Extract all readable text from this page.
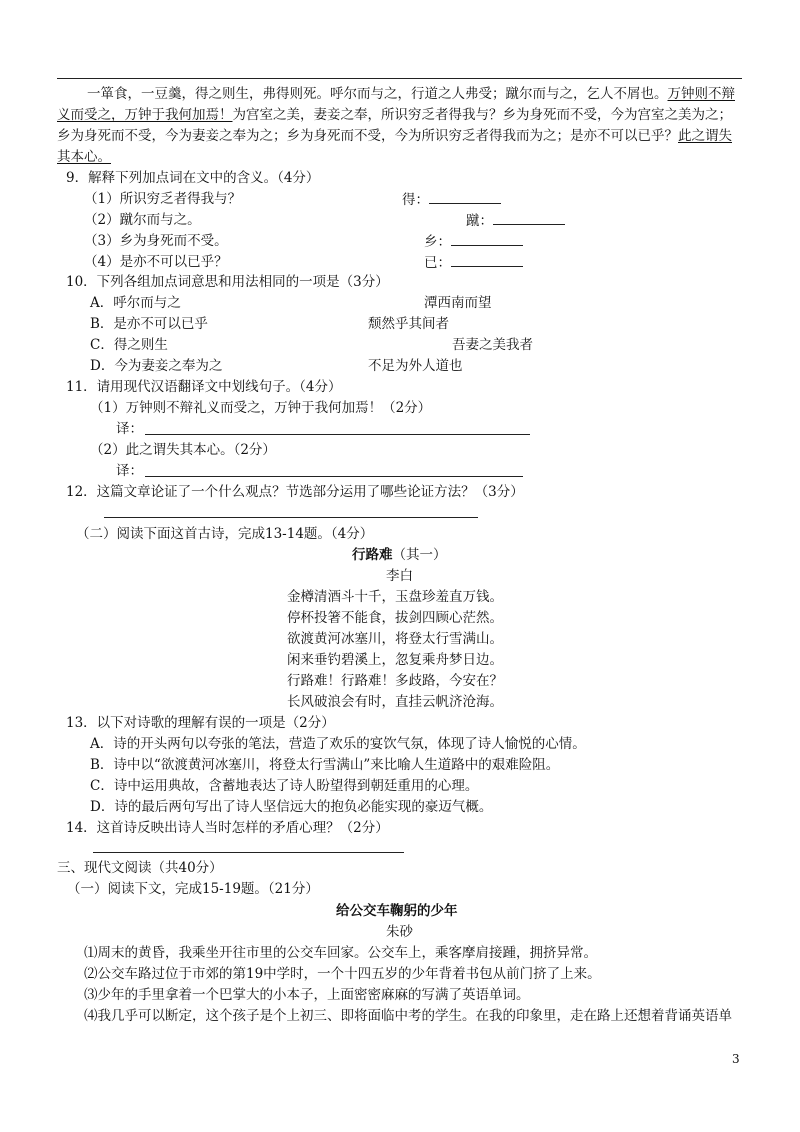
一箪食，一豆羹，得之则生，弗得则死。呼尔而与之，行道之人弗受；蹴尔而与之，乞人不屑也。万钟则不辩
义而受之，万钟于我何加焉！为宫室之美，妻妾之奉，所识穷乏者得我与？乡为身死而不受，今为宫室之美为之；
乡为身死而不受，今为妻妾之奉为之；乡为身死而不受，今为所识穷乏者得我而为之；是亦不可以已乎？此之谓失
其本心。
9．解释下列加点词在文中的含义。（4分）
（1）所识穷乏者得我与？	得：
（2）蹴尔而与之。	蹴：
（3）乡为身死而不受。	乡：
（4）是亦不可以已乎？	已：
10．下列各组加点词意思和用法相同的一项是（3分）
A．呼尔而与之	潭西南而望
B．是亦不可以已乎	颓然乎其间者
C．得之则生	吾妻之美我者
D．今为妻妾之奉为之	不足为外人道也
11．请用现代汉语翻译文中划线句子。（4分）
（1）万钟则不辩礼义而受之，万钟于我何加焉！（2分）
译：
（2）此之谓失其本心。（2分）
译：
12．这篇文章论证了一个什么观点？节选部分运用了哪些论证方法？（3分）
（二）阅读下面这首古诗，完成13-14题。（4分）
行路难（其一）
李白
金樽清酒斗十千，玉盘珍羞直万钱。
停杯投箸不能食，拔剑四顾心茫然。
欲渡黄河冰塞川，将登太行雪满山。
闲来垂钓碧溪上，忽复乘舟梦日边。
行路难！行路难！多歧路，今安在？
长风破浪会有时，直挂云帆济沧海。
13．以下对诗歌的理解有误的一项是（2分）
A．诗的开头两句以夸张的笔法，营造了欢乐的宴饮气氛，体现了诗人愉悦的心情。
B．诗中以“欲渡黄河冰塞川，将登太行雪满山”来比喻人生道路中的艰难险阻。
C．诗中运用典故，含蓄地表达了诗人盼望得到朝廷重用的心理。
D．诗的最后两句写出了诗人坚信远大的抱负必能实现的豪迈气概。
14．这首诗反映出诗人当时怎样的矛盾心理？（2分）
三、现代文阅读（共40分）
（一）阅读下文，完成15-19题。（21分）
给公交车鞠躬的少年
朱砂
⑴周末的黄昏，我乘坐开往市里的公交车回家。公交车上，乘客摩肩接踵，拥挤异常。
⑵公交车路过位于市郊的第19中学时，一个十四五岁的少年背着书包从前门挤了上来。
⑶少年的手里拿着一个巴掌大的小本子，上面密密麻麻的写满了英语单词。
⑷我几乎可以断定，这个孩子是个上初三、即将面临中考的学生。在我的印象里，走在路上还想着背诵英语单
3
